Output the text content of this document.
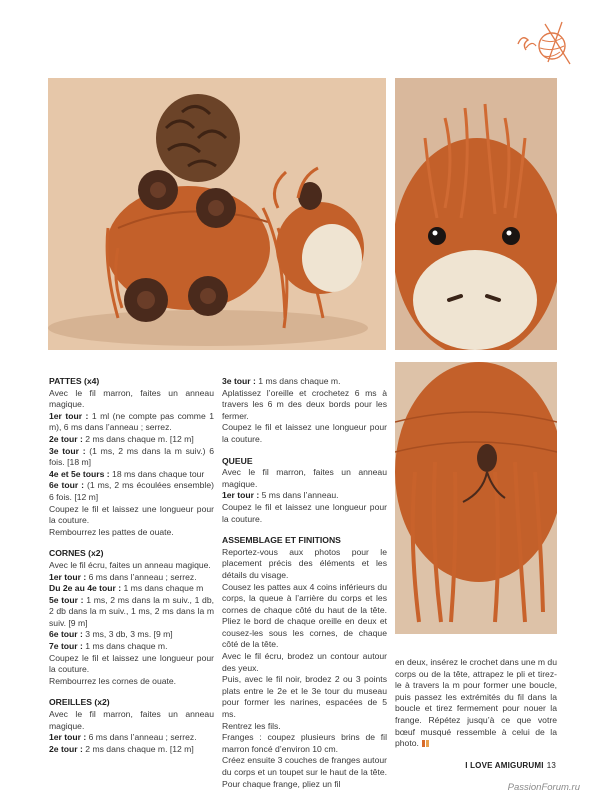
PATTES (x4)

Avec le fil marron, faites un anneau magique.

1er tour : 1 ml (ne compte pas comme 1 m), 6 ms dans l’anneau ; serrez.

2e tour : 2 ms dans chaque m. [12 m]

3e tour : (1 ms, 2 ms dans la m suiv.) 6 fois. [18 m]

4e et 5e tours : 18 ms dans chaque tour

6e tour : (1 ms, 2 ms écoulées ensemble) 6 fois. [12 m]

Coupez le fil et laissez une longueur pour la couture.

Rembourrez les pattes de ouate.

CORNES (x2)

Avec le fil écru, faites un anneau magique.

1er tour : 6 ms dans l’anneau ; serrez.

Du 2e au 4e tour : 1 ms dans chaque m

5e tour : 1 ms, 2 ms dans la m suiv., 1 db, 2 db dans la m suiv., 1 ms, 2 ms dans la m suiv. [9 m]

6e tour : 3 ms, 3 db, 3 ms. [9 m]

7e tour : 1 ms dans chaque m.

Coupez le fil et laissez une longueur pour la couture.

Rembourrez les cornes de ouate.

OREILLES (x2)

Avec le fil marron, faites un anneau magique.

1er tour : 6 ms dans l’anneau ; serrez.

2e tour : 2 ms dans chaque m. [12 m]

3e tour : 1 ms dans chaque m.

Aplatissez l’oreille et crochetez 6 ms à travers les 6 m des deux bords pour les fermer.

Coupez le fil et laissez une longueur pour la couture.

QUEUE

Avec le fil marron, faites un anneau magique.

1er tour : 5 ms dans l’anneau.

Coupez le fil et laissez une longueur pour la couture.

ASSEMBLAGE ET FINITIONS

Reportez-vous aux photos pour le placement précis des éléments et les détails du visage.

Cousez les pattes aux 4 coins inférieurs du corps, la queue à l’arrière du corps et les cornes de chaque côté du haut de la tête. Pliez le bord de chaque oreille en deux et cousez-les sous les cornes, de chaque côté de la tête.

Avec le fil écru, brodez un contour autour des yeux.

Puis, avec le fil noir, brodez 2 ou 3 points plats entre le 2e et le 3e tour du museau pour former les narines, espacées de 5 ms.

Rentrez les fils.

Franges : coupez plusieurs brins de fil marron foncé d’environ 10 cm.

Créez ensuite 3 couches de franges autour du corps et un toupet sur le haut de la tête. Pour chaque frange, pliez un fil

en deux, insérez le crochet dans une m du corps ou de la tête, attrapez le pli et tirez-le à travers la m pour former une boucle, puis passez les extrémités du fil dans la boucle et tirez fermement pour nouer la frange. Répétez jusqu’à ce que votre bœuf musqué ressemble à celui de la photo.

I LOVE AMIGURUMI 13
PassionForum.ru
